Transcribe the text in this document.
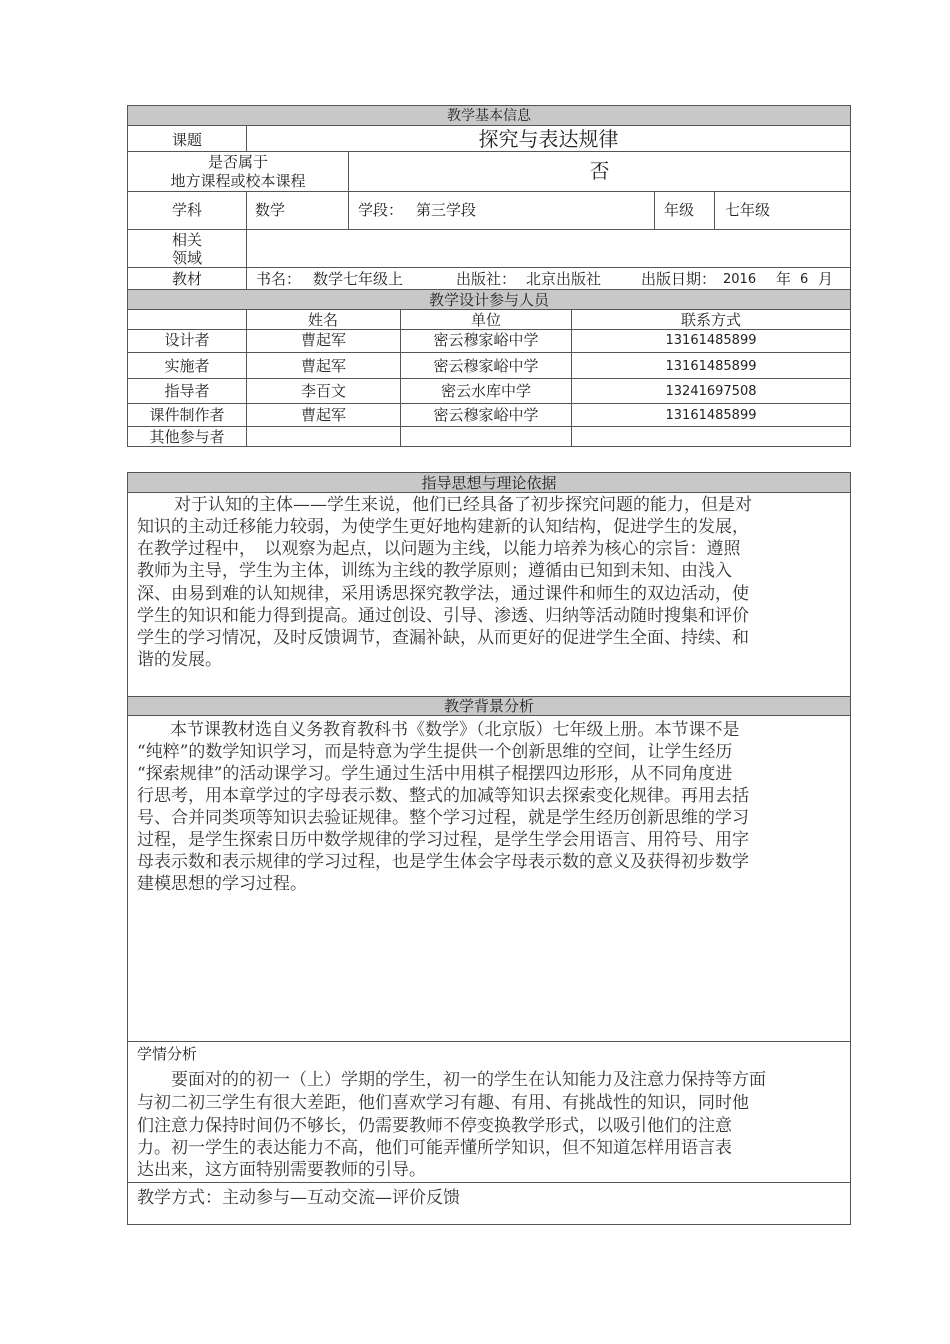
教学基本信息
课题	探究与表达规律
是否属于
地方课程或校本课程	否
学科	数学	学段： 第三学段	年级 七年级
相关
领域
教材	书名： 数学七年级上	出版社： 北京出版社	出版日期： 2016 年 6 月
教学设计参与人员
姓名	单位	联系方式
设计者	曹起军	密云穆家峪中学	13161485899
实施者	曹起军	密云穆家峪中学	13161485899
指导者	李百文	密云水库中学	13241697508
课件制作者	曹起军	密云穆家峪中学	13161485899
其他参与者
指导思想与理论依据
对于认知的主体——学生来说，他们已经具备了初步探究问题的能力，但是对
知识的主动迁移能力较弱，为使学生更好地构建新的认知结构，促进学生的发展，
在教学过程中，　以观察为起点，以问题为主线，以能力培养为核心的宗旨：遵照
教师为主导，学生为主体，训练为主线的教学原则；遵循由已知到未知、由浅入
深、由易到难的认知规律，采用诱思探究教学法，通过课件和师生的双边活动，使
学生的知识和能力得到提高。通过创设、引导、渗透、归纳等活动随时搜集和评价
学生的学习情况，及时反馈调节，查漏补缺，从而更好的促进学生全面、持续、和
谐的发展。
教学背景分析
本节课教材选自义务教育教科书《数学》（北京版）七年级上册。本节课不是
“纯粹”的数学知识学习，而是特意为学生提供一个创新思维的空间，让学生经历
“探索规律”的活动课学习。学生通过生活中用棋子棍摆四边形形，从不同角度进
行思考，用本章学过的字母表示数、整式的加减等知识去探索变化规律。再用去括
号、合并同类项等知识去验证规律。整个学习过程，就是学生经历创新思维的学习
过程，是学生探索日历中数学规律的学习过程，是学生学会用语言、用符号、用字
母表示数和表示规律的学习过程，也是学生体会字母表示数的意义及获得初步数学
建模思想的学习过程。
学情分析
要面对的的初一（上）学期的学生，初一的学生在认知能力及注意力保持等方面
与初二初三学生有很大差距，他们喜欢学习有趣、有用、有挑战性的知识，同时他
们注意力保持时间仍不够长，仍需要教师不停变换教学形式，以吸引他们的注意
力。初一学生的表达能力不高，他们可能弄懂所学知识，但不知道怎样用语言表
达出来，这方面特别需要教师的引导。
教学方式：主动参与—互动交流—评价反馈
